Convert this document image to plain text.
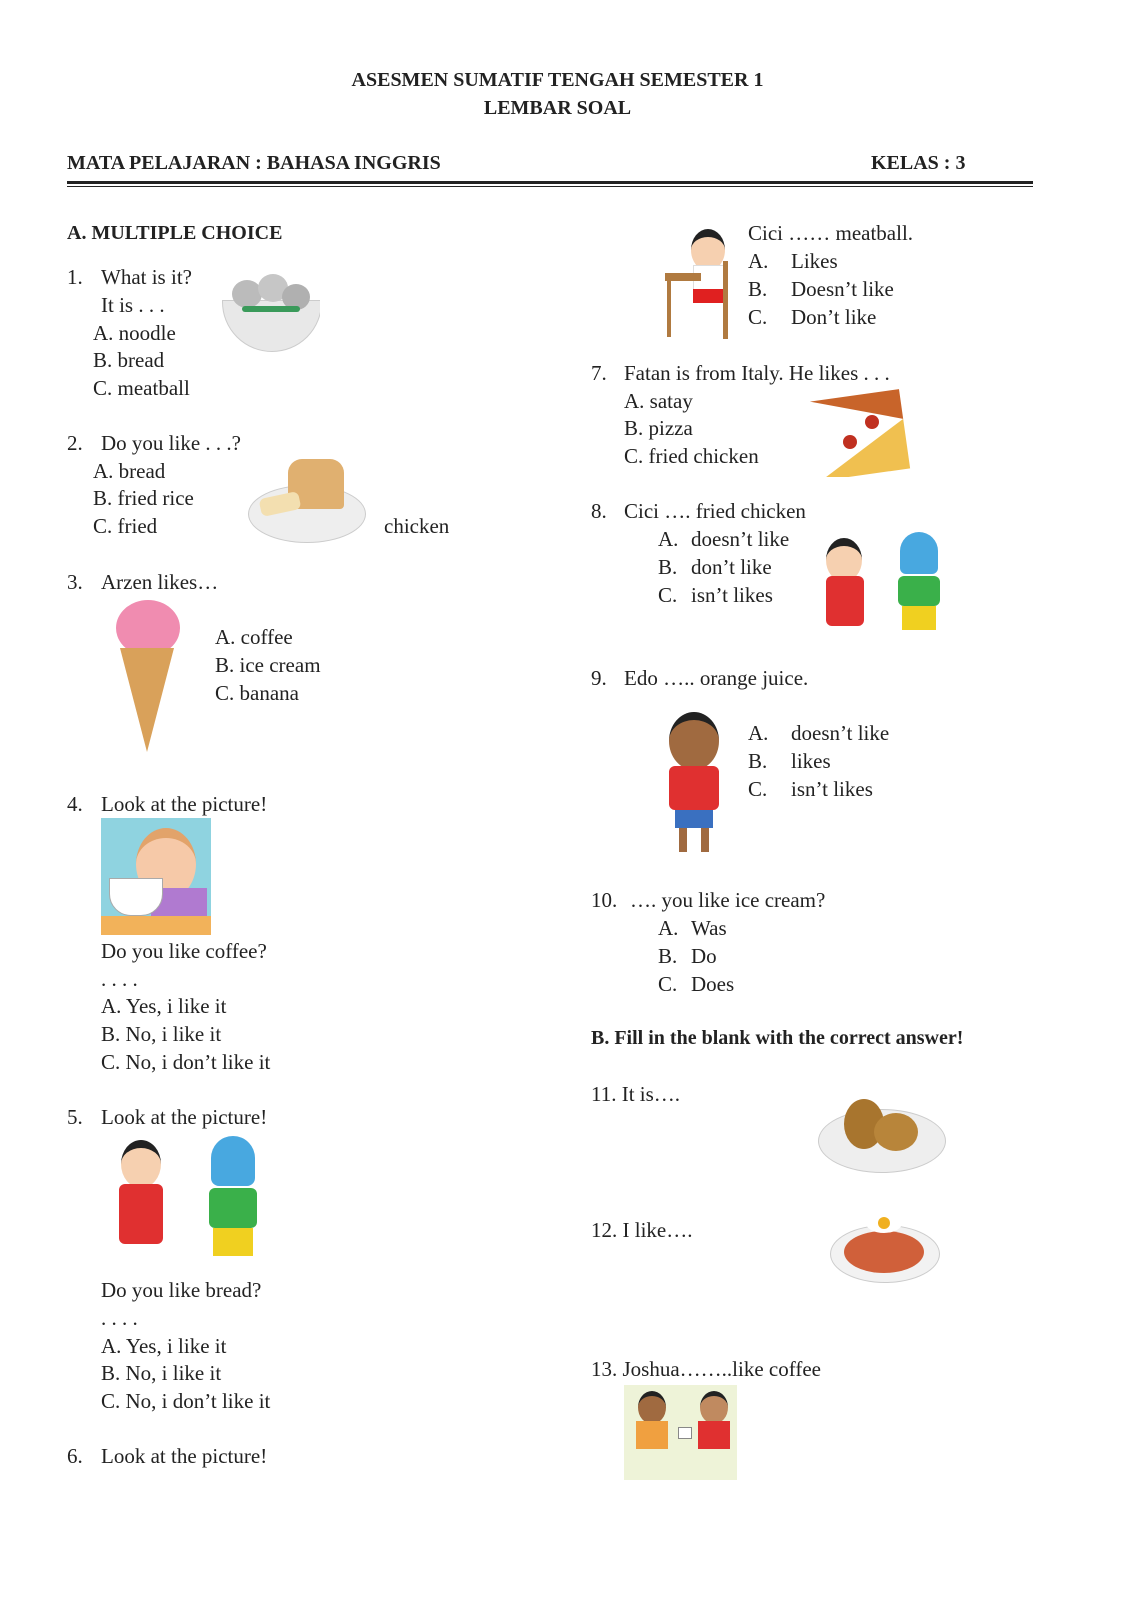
ASESMEN SUMATIF TENGAH SEMESTER 1
LEMBAR SOAL
MATA PELAJARAN : BAHASA INGGRIS	KELAS : 3
A. MULTIPLE CHOICE
1. What is it?
It is . . .
A. noodle
B. bread
C. meatball
2. Do you like . . .?
A. bread
B. fried rice
C. fried	chicken
3. Arzen likes…
A. coffee
B. ice cream
C. banana
4. Look at the picture!
Do you like coffee?
. . . .
A. Yes, i like it
B. No, i like it
C. No, i don’t like it
5. Look at the picture!
Do you like bread?
. . . .
A. Yes, i like it
B. No, i like it
C. No, i don’t like it
6. Look at the picture!
Cici …… meatball.
A. Likes
B. Doesn’t like
C. Don’t like
7. Fatan is from Italy. He likes . . .
A. satay
B. pizza
C. fried chicken
8. Cici …. fried chicken
A. doesn’t like
B. don’t like
C. isn’t likes
9. Edo ….. orange juice.
A. doesn’t like
B. likes
C. isn’t likes
10. …. you like ice cream?
A. Was
B. Do
C. Does
B. Fill in the blank with the correct answer!
11. It is….
12. I like….
13. Joshua……..like coffee
